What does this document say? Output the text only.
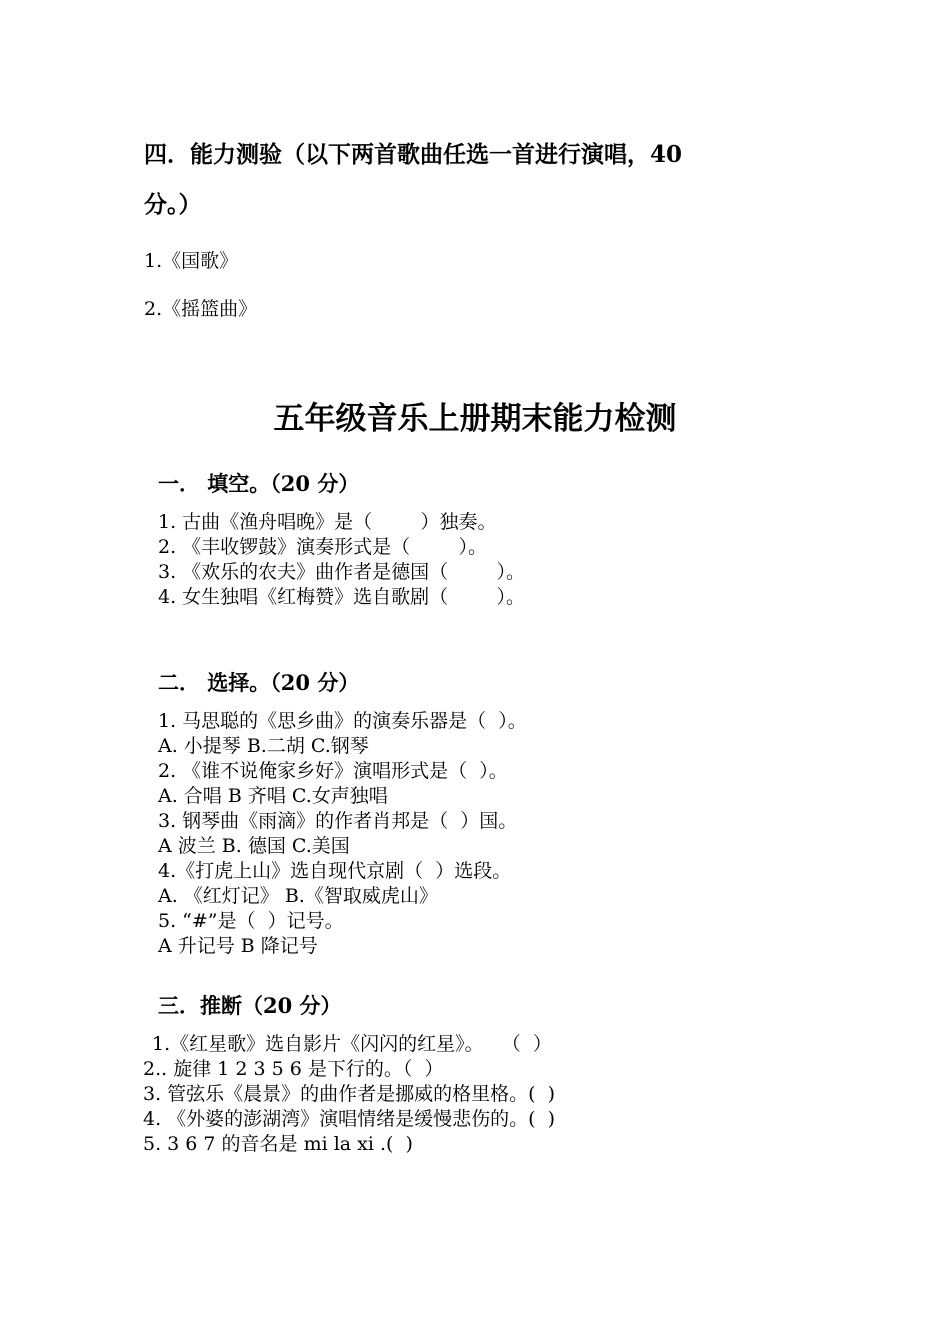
四．能力测验（以下两首歌曲任选一首进行演唱，40
分。）
1.《国歌》
2.《摇篮曲》
五年级音乐上册期末能力检测
一． 填空。（20 分）
1. 古曲《渔舟唱晚》是（        ）独奏。
2. 《丰收锣鼓》演奏形式是（        ）。
3. 《欢乐的农夫》曲作者是德国（        ）。
4. 女生独唱《红梅赞》选自歌剧（        ）。
二． 选择。（20 分）
1. 马思聪的《思乡曲》的演奏乐器是（  ）。
A. 小提琴 B.二胡 C.钢琴
2. 《谁不说俺家乡好》演唱形式是（  ）。
A. 合唱 B 齐唱 C.女声独唱
3. 钢琴曲《雨滴》的作者肖邦是（  ）国。
A 波兰 B. 德国 C.美国
4.《打虎上山》选自现代京剧（  ）选段。
A. 《红灯记》 B.《智取威虎山》
5. “#”是（  ）记号。
A 升记号 B 降记号
三．推断（20 分）
1.《红星歌》选自影片《闪闪的红星》。   （  ）
2.. 旋律 1 2 3 5 6 是下行的。（  ）
3. 管弦乐《晨景》的曲作者是挪威的格里格。(  )
4. 《外婆的澎湖湾》演唱情绪是缓慢悲伤的。(  )
5. 3 6 7 的音名是 mi la xi .(  )
